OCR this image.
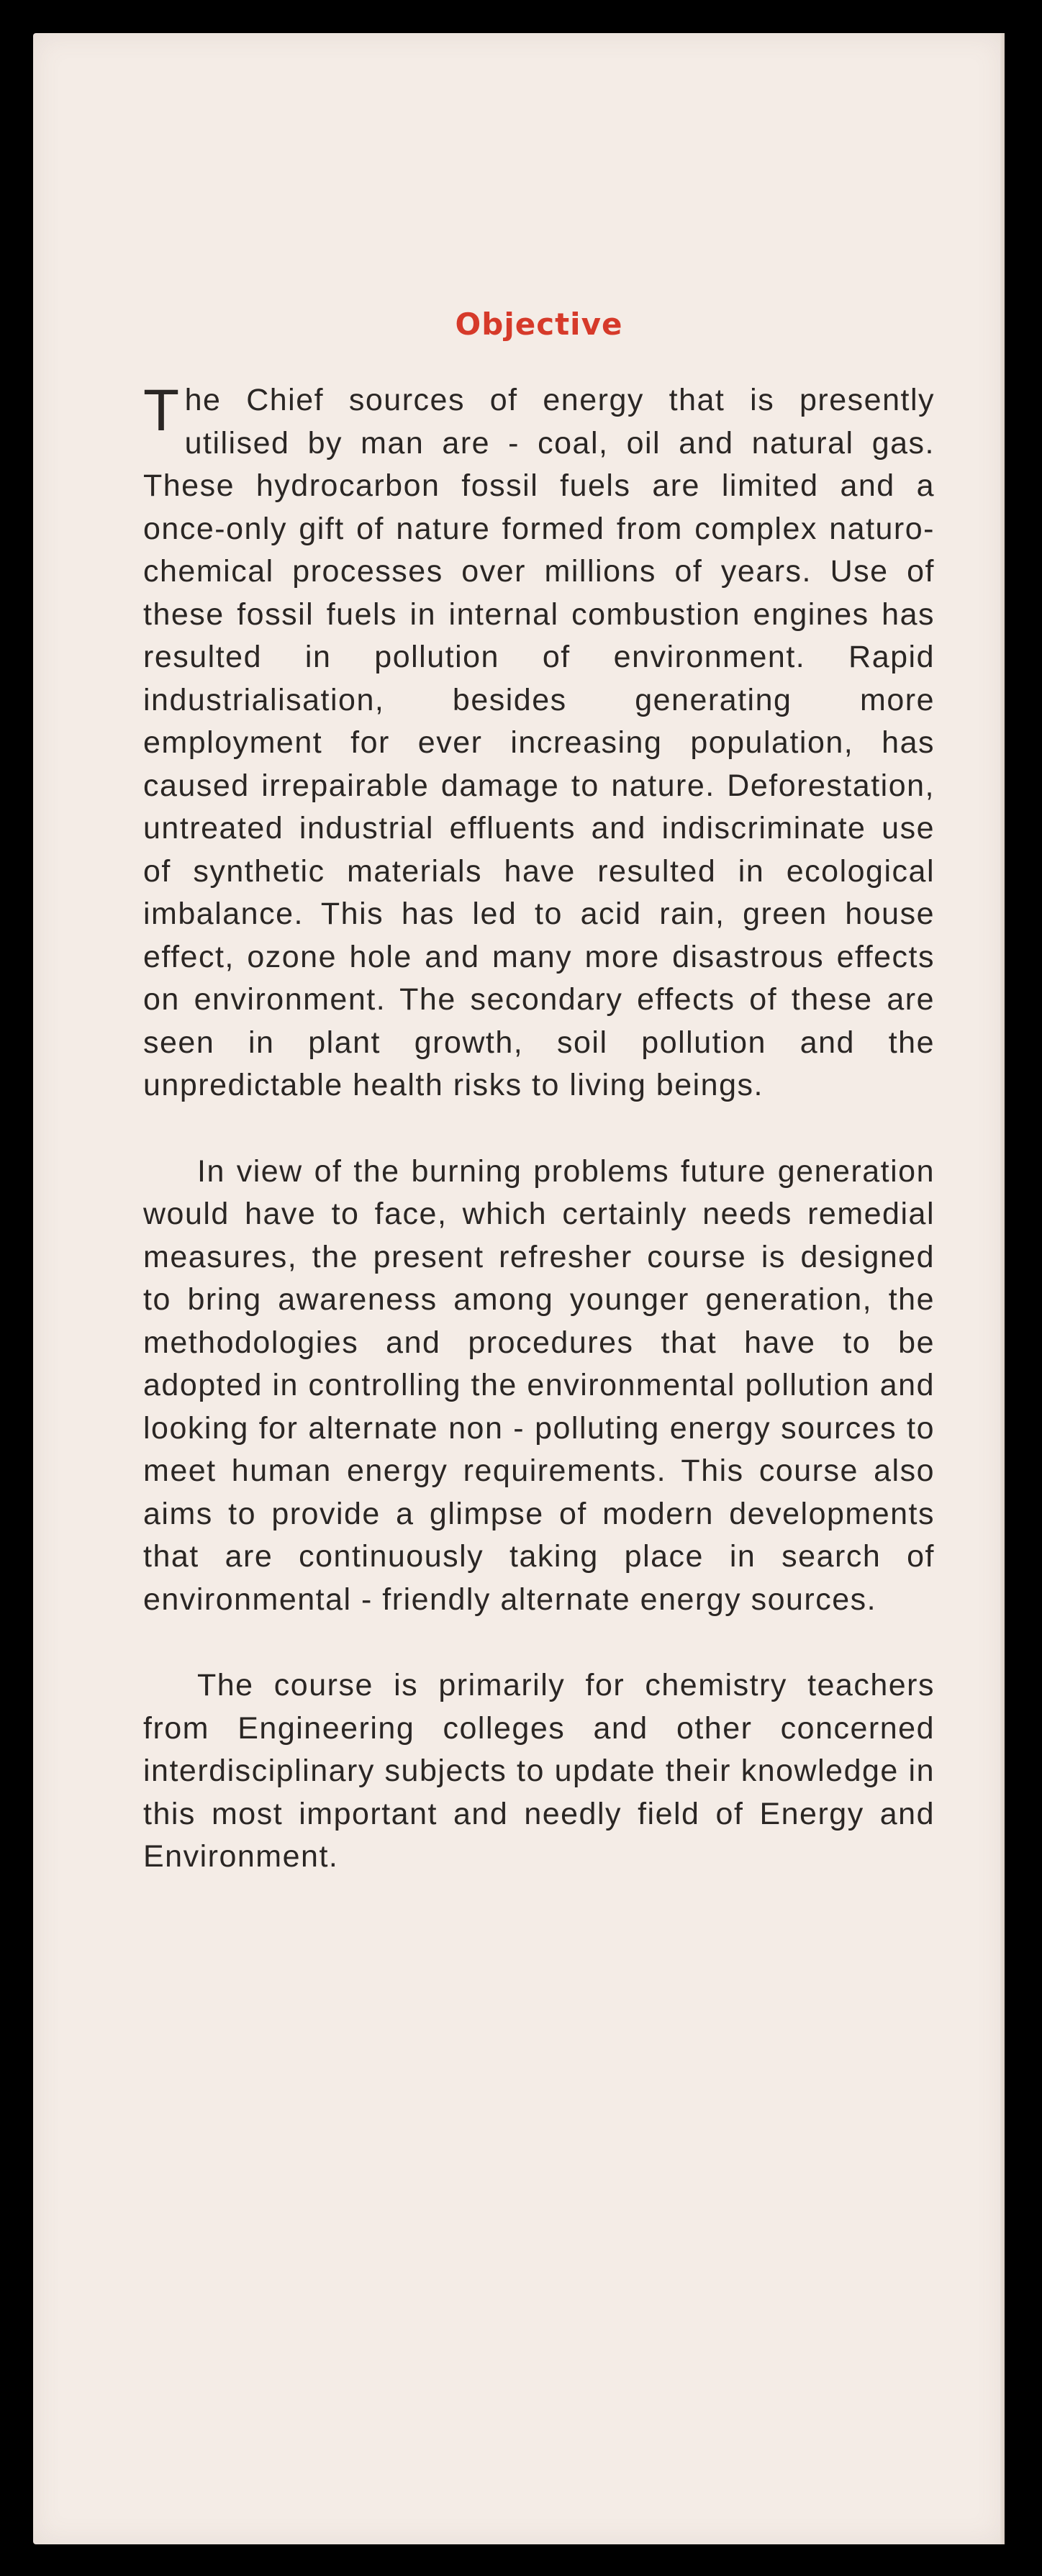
Objective

The Chief sources of energy that is presently utilised by man are - coal, oil and natural gas. These hydrocarbon fossil fuels are limited and a once-only gift of nature formed from complex naturo-chemical processes over millions of years. Use of these fossil fuels in internal combustion engines has resulted in pollution of environment. Rapid industrialisation, besides generating more employment for ever increasing population, has caused irrepairable damage to nature. Deforestation, untreated industrial effluents and indiscriminate use of synthetic materials have resulted in ecological imbalance. This has led to acid rain, green house effect, ozone hole and many more disastrous effects on environment. The secondary effects of these are seen in plant growth, soil pollution and the unpredictable health risks to living beings.

In view of the burning problems future generation would have to face, which certainly needs remedial measures, the present refresher course is designed to bring awareness among younger generation, the methodologies and procedures that have to be adopted in controlling the environmental pollution and looking for alternate non - polluting energy sources to meet human energy requirements. This course also aims to provide a glimpse of modern developments that are continuously taking place in search of environmental - friendly alternate energy sources.

The course is primarily for chemistry teachers from Engineering colleges and other concerned interdisciplinary subjects to update their knowledge in this most important and needly field of Energy and Environment.
